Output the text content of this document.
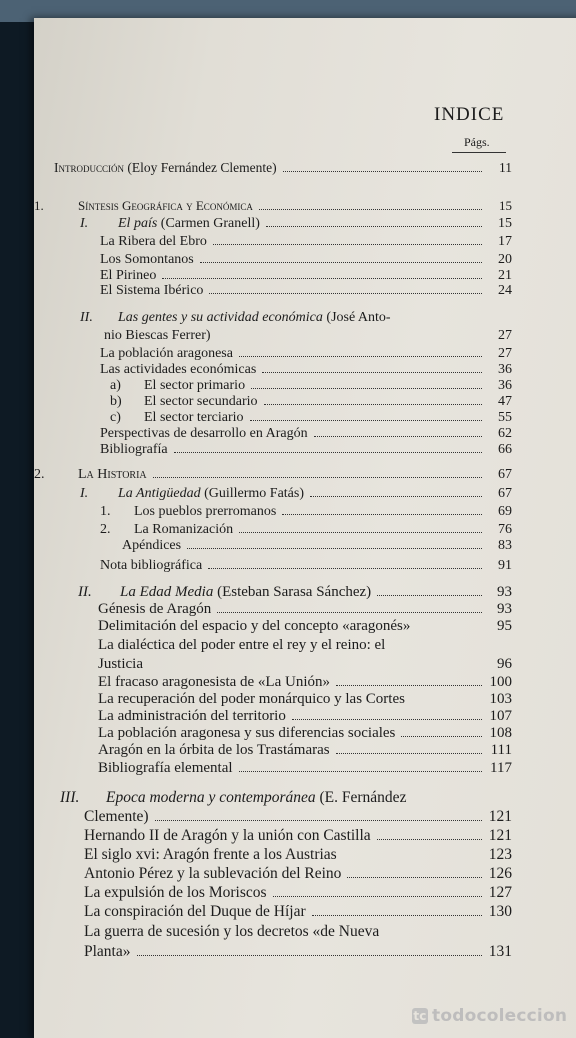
INDICE
Págs.
Introducción (Eloy Fernández Clemente)	11
1.	Síntesis Geográfica y Económica	15
I. El país (Carmen Granell)	15
La Ribera del Ebro	17
Los Somontanos	20
El Pirineo	21
El Sistema Ibérico	24
II. Las gentes y su actividad económica (José Anto-
nio Biescas Ferrer)	27
La población aragonesa	27
Las actividades económicas	36
a) El sector primario	36
b) El sector secundario	47
c) El sector terciario	55
Perspectivas de desarrollo en Aragón	62
Bibliografía	66
2. La Historia	67
I. La Antigüedad (Guillermo Fatás)	67
1. Los pueblos prerromanos	69
2. La Romanización	76
Apéndices	83
Nota bibliográfica	91
II. La Edad Media (Esteban Sarasa Sánchez)	93
Génesis de Aragón	93
Delimitación del espacio y del concepto «aragonés»	95
La dialéctica del poder entre el rey y el reino: el
Justicia	96
El fracaso aragonesista de «La Unión»	100
La recuperación del poder monárquico y las Cortes	103
La administración del territorio	107
La población aragonesa y sus diferencias sociales	108
Aragón en la órbita de los Trastámaras	111
Bibliografía elemental	117
III. Epoca moderna y contemporánea (E. Fernández
Clemente)	121
Hernando II de Aragón y la unión con Castilla	121
El siglo xvi: Aragón frente a los Austrias	123
Antonio Pérez y la sublevación del Reino	126
La expulsión de los Moriscos	127
La conspiración del Duque de Híjar	130
La guerra de sucesión y los decretos «de Nueva
Planta»	131
tc todocoleccion
